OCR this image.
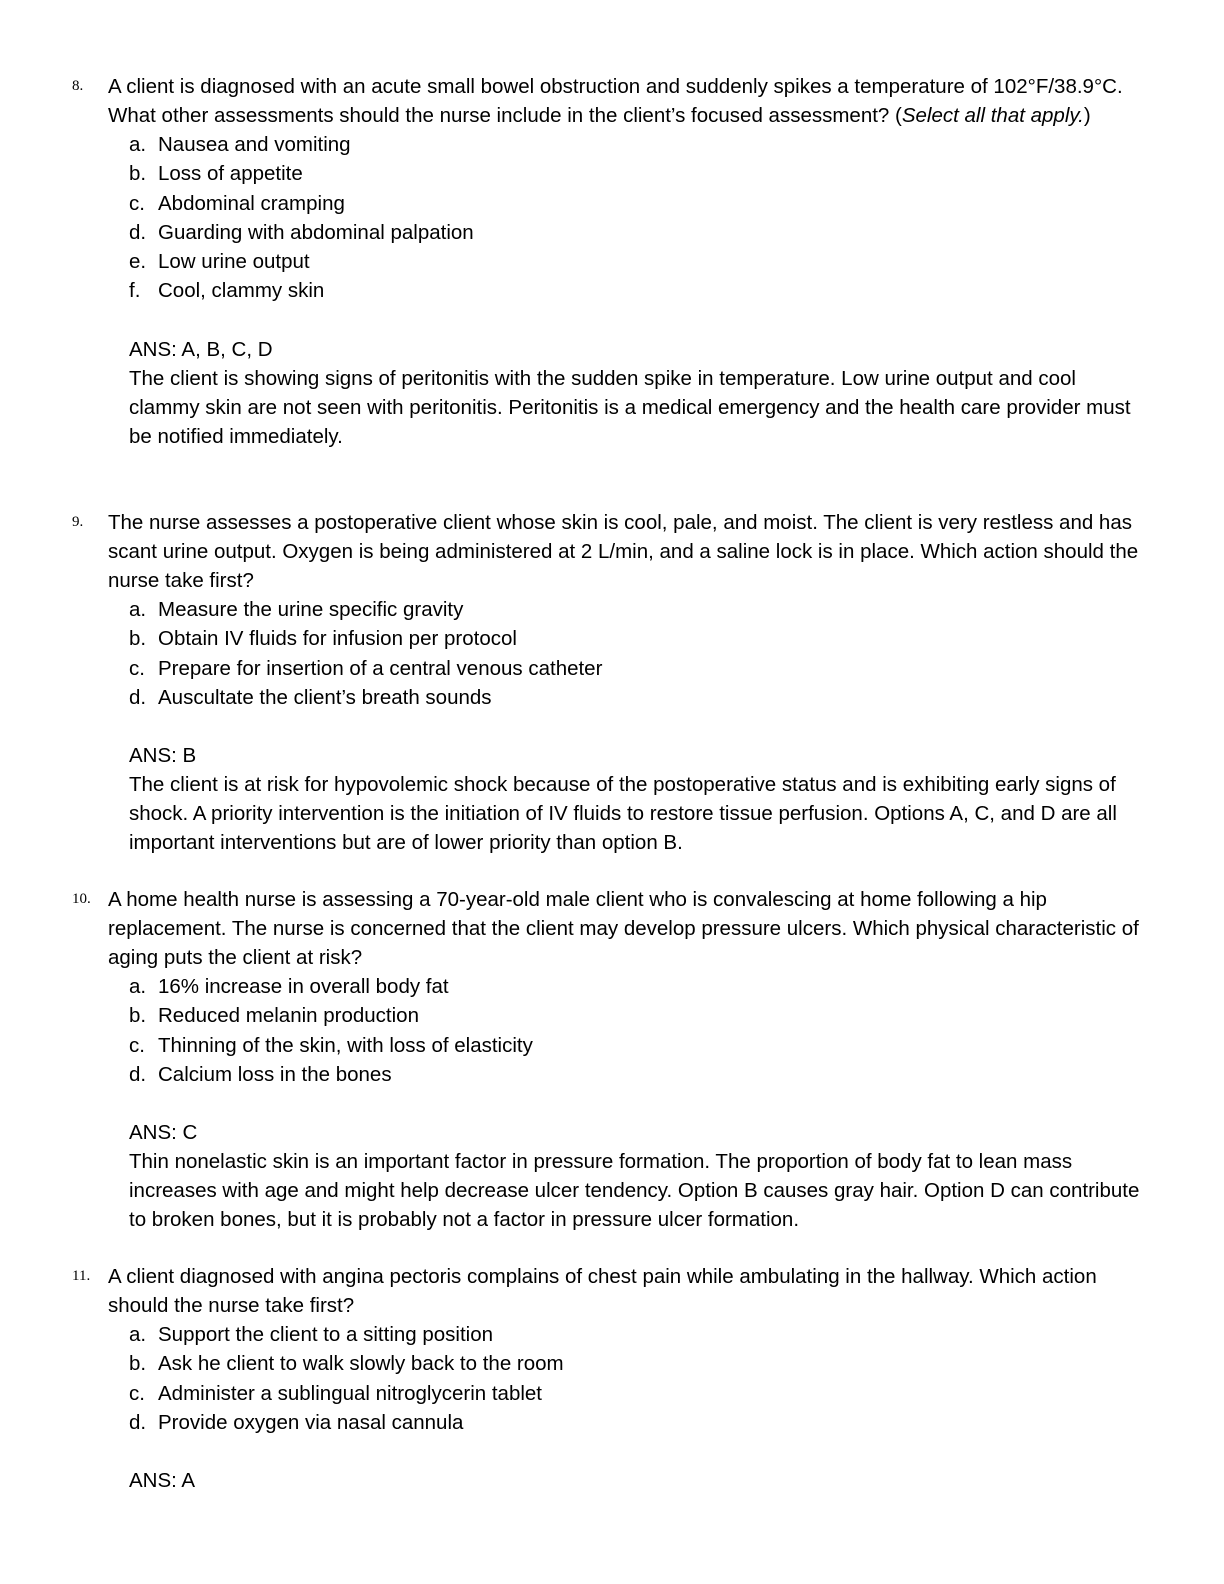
8. A client is diagnosed with an acute small bowel obstruction and suddenly spikes a temperature of 102°F/38.9°C. What other assessments should the nurse include in the client’s focused assessment? (Select all that apply.)
a. Nausea and vomiting
b. Loss of appetite
c. Abdominal cramping
d. Guarding with abdominal palpation
e. Low urine output
f. Cool, clammy skin
ANS: A, B, C, D
The client is showing signs of peritonitis with the sudden spike in temperature. Low urine output and cool clammy skin are not seen with peritonitis. Peritonitis is a medical emergency and the health care provider must be notified immediately.
9. The nurse assesses a postoperative client whose skin is cool, pale, and moist. The client is very restless and has scant urine output. Oxygen is being administered at 2 L/min, and a saline lock is in place. Which action should the nurse take first?
a. Measure the urine specific gravity
b. Obtain IV fluids for infusion per protocol
c. Prepare for insertion of a central venous catheter
d. Auscultate the client’s breath sounds
ANS: B
The client is at risk for hypovolemic shock because of the postoperative status and is exhibiting early signs of shock. A priority intervention is the initiation of IV fluids to restore tissue perfusion. Options A, C, and D are all important interventions but are of lower priority than option B.
10. A home health nurse is assessing a 70-year-old male client who is convalescing at home following a hip replacement. The nurse is concerned that the client may develop pressure ulcers. Which physical characteristic of aging puts the client at risk?
a. 16% increase in overall body fat
b. Reduced melanin production
c. Thinning of the skin, with loss of elasticity
d. Calcium loss in the bones
ANS: C
Thin nonelastic skin is an important factor in pressure formation. The proportion of body fat to lean mass increases with age and might help decrease ulcer tendency. Option B causes gray hair. Option D can contribute to broken bones, but it is probably not a factor in pressure ulcer formation.
11. A client diagnosed with angina pectoris complains of chest pain while ambulating in the hallway. Which action should the nurse take first?
a. Support the client to a sitting position
b. Ask he client to walk slowly back to the room
c. Administer a sublingual nitroglycerin tablet
d. Provide oxygen via nasal cannula
ANS: A
